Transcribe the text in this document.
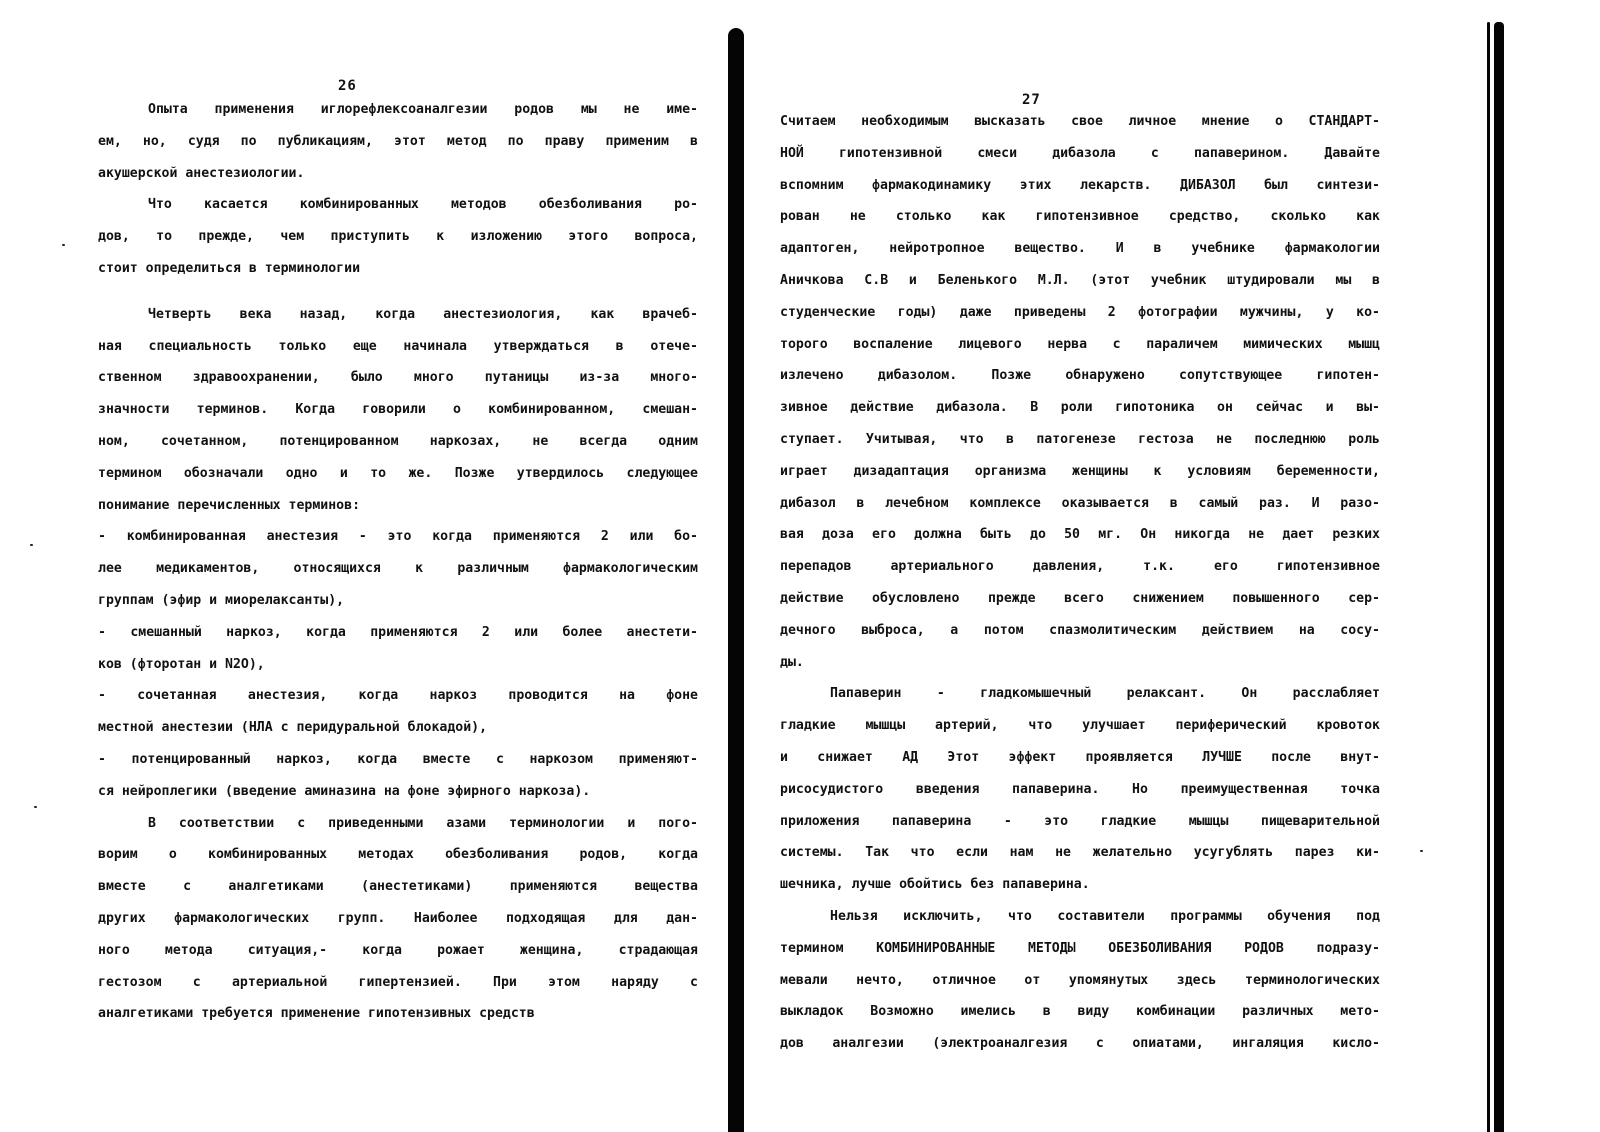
26
Опыта применения иглорефлексоаналгезии родов мы не име-
ем, но, судя по публикациям, этот метод по праву применим в
акушерской анестезиологии.
Что касается комбинированных методов обезболивания ро-
дов, то прежде, чем приступить к изложению этого вопроса,
стоит определиться в терминологии
Четверть века назад, когда анестезиология, как врачеб-
ная специальность только еще начинала утверждаться в отече-
ственном здравоохранении, было много путаницы из-за много-
значности терминов. Когда говорили о комбинированном, смешан-
ном, сочетанном, потенцированном наркозах, не всегда одним
термином обозначали одно и то же. Позже утвердилось следующее
понимание перечисленных терминов:
- комбинированная анестезия - это когда применяются 2 или бо-
лее медикаментов, относящихся к различным фармакологическим
группам (эфир и миорелаксанты),
- смешанный наркоз, когда применяются 2 или более анестети-
ков (фторотан и N2O),
- сочетанная анестезия, когда наркоз проводится на фоне
местной анестезии (НЛА с перидуральной блокадой),
- потенцированный наркоз, когда вместе с наркозом применяют-
ся нейроплегики (введение аминазина на фоне эфирного наркоза).
В соответствии с приведенными азами терминологии и пого-
ворим о комбинированных методах обезболивания родов, когда
вместе с аналгетиками (анестетиками) применяются вещества
других фармакологических групп. Наиболее подходящая для дан-
ного метода ситуация,- когда рожает женщина, страдающая
гестозом с артериальной гипертензией. При этом наряду с
аналгетиками требуется применение гипотензивных средств
27
Считаем необходимым высказать свое личное мнение о СТАНДАРТ-
НОЙ гипотензивной смеси дибазола с папаверином. Давайте
вспомним фармакодинамику этих лекарств. ДИБАЗОЛ был синтези-
рован не столько как гипотензивное средство, сколько как
адаптоген, нейротропное вещество. И в учебнике фармакологии
Аничкова С.В и Беленького М.Л. (этот учебник штудировали мы в
студенческие годы) даже приведены 2 фотографии мужчины, у ко-
торого воспаление лицевого нерва с параличем мимических мышц
излечено дибазолом. Позже обнаружено сопутствующее гипотен-
зивное действие дибазола. В роли гипотоника он сейчас и вы-
ступает. Учитывая, что в патогенезе гестоза не последнюю роль
играет дизадаптация организма женщины к условиям беременности,
дибазол в лечебном комплексе оказывается в самый раз. И разо-
вая доза его должна быть до 50 мг. Он никогда не дает резких
перепадов артериального давления, т.к. его гипотензивное
действие обусловлено прежде всего снижением повышенного сер-
дечного выброса, а потом спазмолитическим действием на сосу-
ды.
Папаверин - гладкомышечный релаксант. Он расслабляет
гладкие мышцы артерий, что улучшает периферический кровоток
и снижает АД Этот эффект проявляется ЛУЧШЕ после внут-
рисосудистого введения папаверина. Но преимущественная точка
приложения папаверина - это гладкие мышцы пищеварительной
системы. Так что если нам не желательно усугублять парез ки-
шечника, лучше обойтись без папаверина.
Нельзя исключить, что составители программы обучения под
термином КОМБИНИРОВАННЫЕ МЕТОДЫ ОБЕЗБОЛИВАНИЯ РОДОВ подразу-
мевали нечто, отличное от упомянутых здесь терминологических
выкладок Возможно имелись в виду комбинации различных мето-
дов аналгезии (электроаналгезия с опиатами, ингаляция кисло-
